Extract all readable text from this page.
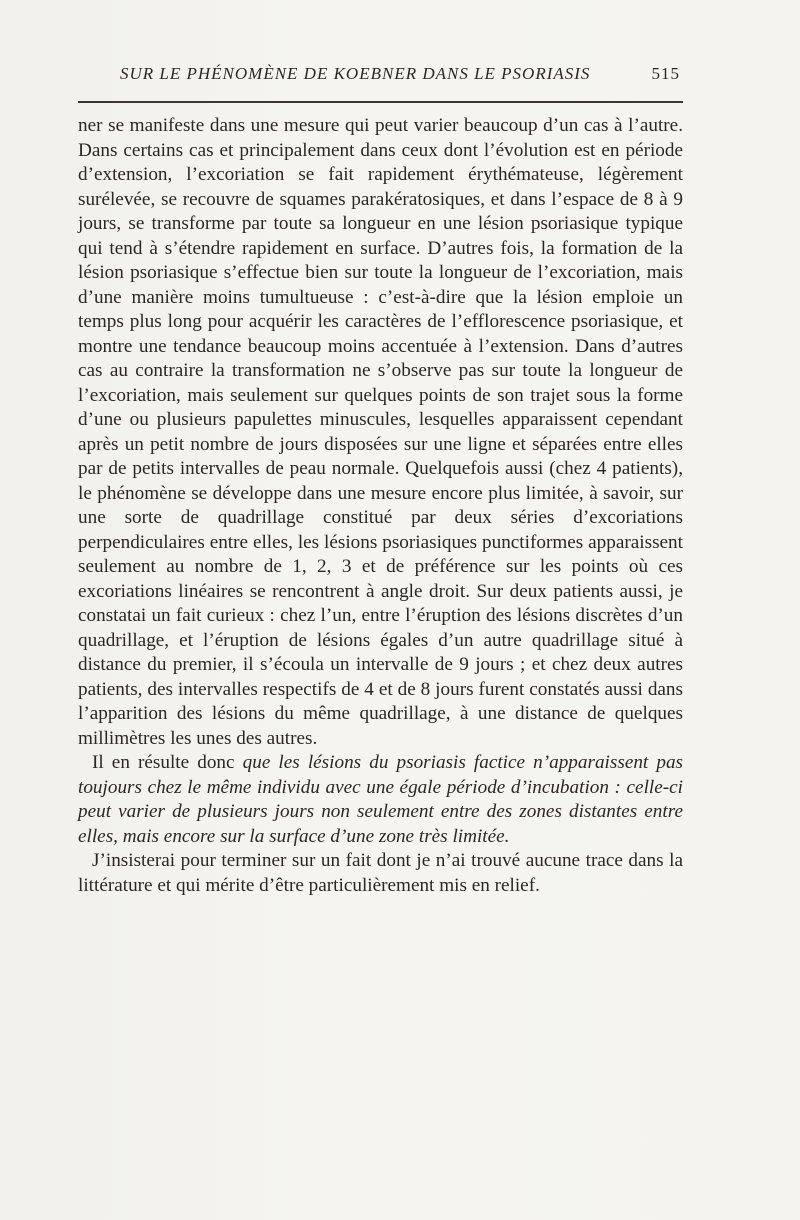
SUR LE PHÉNOMÈNE DE KOEBNER DANS LE PSORIASIS	515

ner se manifeste dans une mesure qui peut varier beaucoup d’un cas à l’autre. Dans certains cas et principalement dans ceux dont l’évolution est en période d’extension, l’excoriation se fait rapidement érythémateuse, légèrement surélevée, se recouvre de squames parakératosiques, et dans l’espace de 8 à 9 jours, se transforme par toute sa longueur en une lésion psoriasique typique qui tend à s’étendre rapidement en surface. D’autres fois, la formation de la lésion psoriasique s’effectue bien sur toute la longueur de l’excoriation, mais d’une manière moins tumultueuse : c’est-à-dire que la lésion emploie un temps plus long pour acquérir les caractères de l’efflorescence psoriasique, et montre une tendance beaucoup moins accentuée à l’extension. Dans d’autres cas au contraire la transformation ne s’observe pas sur toute la longueur de l’excoriation, mais seulement sur quelques points de son trajet sous la forme d’une ou plusieurs papulettes minuscules, lesquelles apparaissent cependant après un petit nombre de jours disposées sur une ligne et séparées entre elles par de petits intervalles de peau normale. Quelquefois aussi (chez 4 patients), le phénomène se développe dans une mesure encore plus limitée, à savoir, sur une sorte de quadrillage constitué par deux séries d’excoriations perpendiculaires entre elles, les lésions psoriasiques punctiformes apparaissent seulement au nombre de 1, 2, 3 et de préférence sur les points où ces excoriations linéaires se rencontrent à angle droit. Sur deux patients aussi, je constatai un fait curieux : chez l’un, entre l’éruption des lésions discrètes d’un quadrillage, et l’éruption de lésions égales d’un autre quadrillage situé à distance du premier, il s’écoula un intervalle de 9 jours ; et chez deux autres patients, des intervalles respectifs de 4 et de 8 jours furent constatés aussi dans l’apparition des lésions du même quadrillage, à une distance de quelques millimètres les unes des autres.

Il en résulte donc que les lésions du psoriasis factice n’apparaissent pas toujours chez le même individu avec une égale période d’incubation : celle-ci peut varier de plusieurs jours non seulement entre des zones distantes entre elles, mais encore sur la surface d’une zone très limitée.

J’insisterai pour terminer sur un fait dont je n’ai trouvé aucune trace dans la littérature et qui mérite d’être particulièrement mis en relief.
